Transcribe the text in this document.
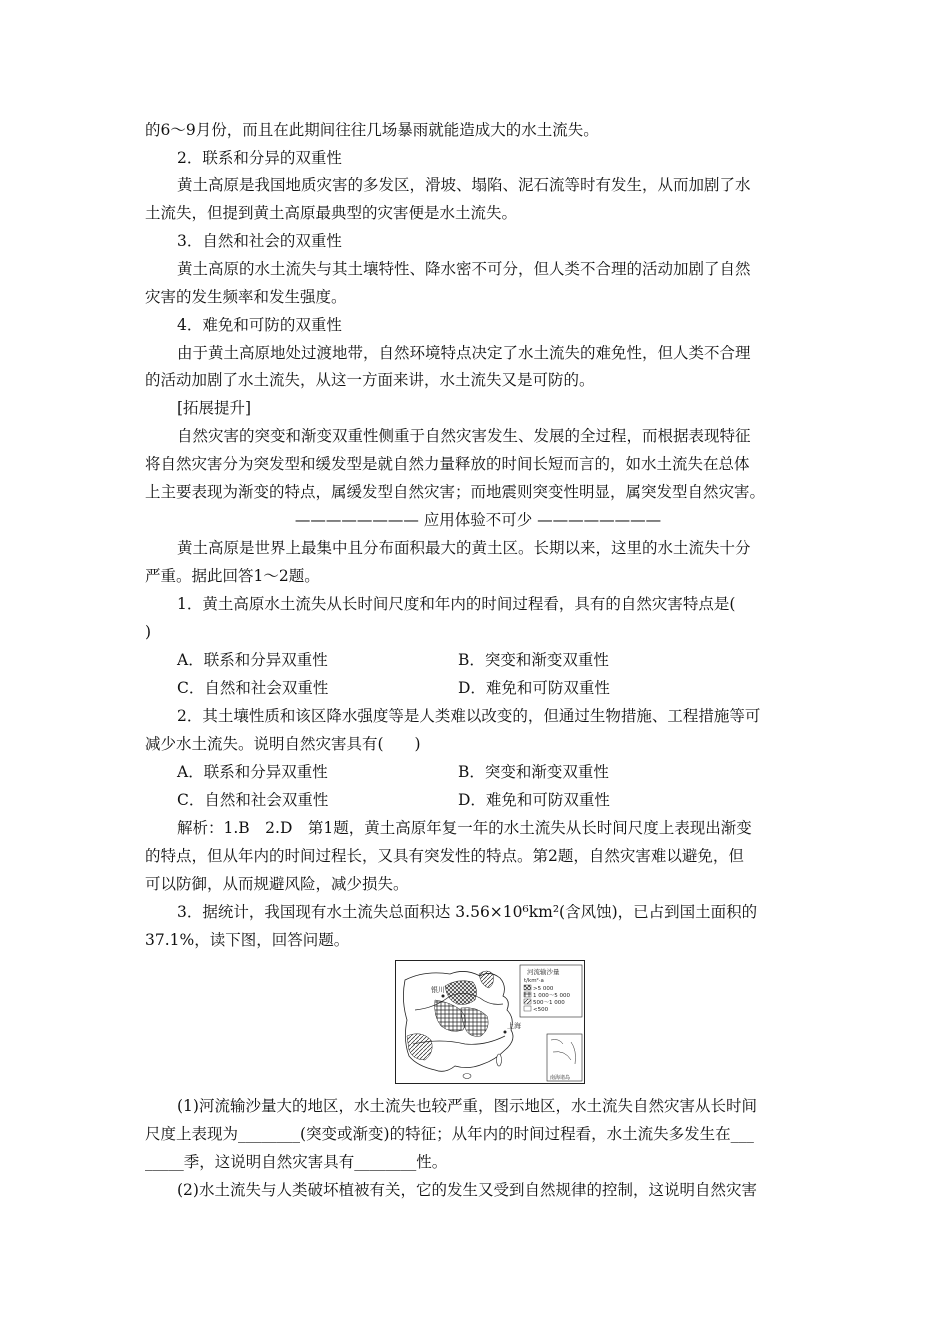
的6～9月份，而且在此期间往往几场暴雨就能造成大的水土流失。
2．联系和分异的双重性
黄土高原是我国地质灾害的多发区，滑坡、塌陷、泥石流等时有发生，从而加剧了水
土流失，但提到黄土高原最典型的灾害便是水土流失。
3．自然和社会的双重性
黄土高原的水土流失与其土壤特性、降水密不可分，但人类不合理的活动加剧了自然
灾害的发生频率和发生强度。
4．难免和可防的双重性
由于黄土高原地处过渡地带，自然环境特点决定了水土流失的难免性，但人类不合理
的活动加剧了水土流失，从这一方面来讲，水土流失又是可防的。
[拓展提升]
自然灾害的突变和渐变双重性侧重于自然灾害发生、发展的全过程，而根据表现特征
将自然灾害分为突发型和缓发型是就自然力量释放的时间长短而言的，如水土流失在总体
上主要表现为渐变的特点，属缓发型自然灾害；而地震则突变性明显，属突发型自然灾害。
———————— 应用体验不可少 ————————
黄土高原是世界上最集中且分布面积最大的黄土区。长期以来，这里的水土流失十分
严重。据此回答1～2题。
1．黄土高原水土流失从长时间尺度和年内的时间过程看，具有的自然灾害特点是(
)
A．联系和分异双重性	B．突变和渐变双重性
C．自然和社会双重性	D．难免和可防双重性
2．其土壤性质和该区降水强度等是人类难以改变的，但通过生物措施、工程措施等可
减少水土流失。说明自然灾害具有(　　)
A．联系和分异双重性	B．突变和渐变双重性
C．自然和社会双重性	D．难免和可防双重性
解析：1.B　2.D　第1题，黄土高原年复一年的水土流失从长时间尺度上表现出渐变
的特点，但从年内的时间过程长，又具有突发性的特点。第2题，自然灾害难以避免，但
可以防御，从而规避风险，减少损失。
3．据统计，我国现有水土流失总面积达 3.56×10⁶km²(含风蚀)，已占到国土面积的
37.1%，读下图，回答问题。
银川
上海
河流输沙量
t/km²·a
>5 000
1 000～5 000
500～1 000
<500
南海诸岛
(1)河流输沙量大的地区，水土流失也较严重，图示地区，水土流失自然灾害从长时间
尺度上表现为________(突变或渐变)的特征；从年内的时间过程看，水土流失多发生在___
_____季，这说明自然灾害具有________性。
(2)水土流失与人类破坏植被有关，它的发生又受到自然规律的控制，这说明自然灾害
